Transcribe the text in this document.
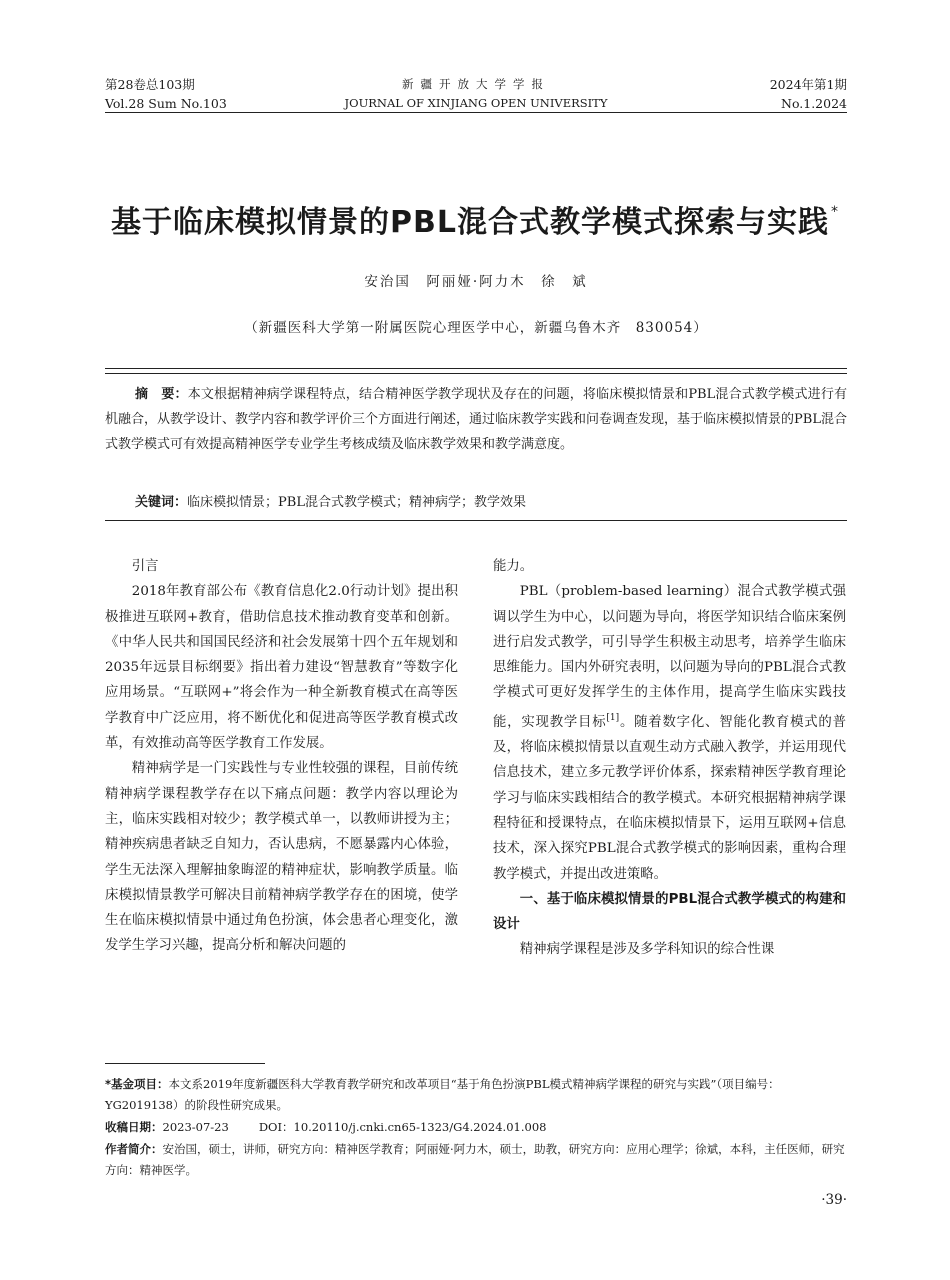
第28卷总103期
Vol.28 Sum No.103
新疆开放大学学报
JOURNAL OF XINJIANG OPEN UNIVERSITY
2024年第1期
No.1.2024
基于临床模拟情景的PBL混合式教学模式探索与实践 *
安治国　阿丽娅·阿力木　徐　斌
（新疆医科大学第一附属医院心理医学中心，新疆乌鲁木齐　830054）
摘　要：本文根据精神病学课程特点，结合精神医学教学现状及存在的问题，将临床模拟情景和PBL混合式教学模式进行有机融合，从教学设计、教学内容和教学评价三个方面进行阐述，通过临床教学实践和问卷调查发现，基于临床模拟情景的PBL混合式教学模式可有效提高精神医学专业学生考核成绩及临床教学效果和教学满意度。
关键词：临床模拟情景；PBL混合式教学模式；精神病学；教学效果

引言

2018年教育部公布《教育信息化2.0行动计划》提出积极推进互联网+教育，借助信息技术推动教育变革和创新。《中华人民共和国国民经济和社会发展第十四个五年规划和2035年远景目标纲要》指出着力建设“智慧教育”等数字化应用场景。“互联网+”将会作为一种全新教育模式在高等医学教育中广泛应用，将不断优化和促进高等医学教育模式改革，有效推动高等医学教育工作发展。

精神病学是一门实践性与专业性较强的课程，目前传统精神病学课程教学存在以下痛点问题：教学内容以理论为主，临床实践相对较少；教学模式单一，以教师讲授为主；精神疾病患者缺乏自知力，否认患病，不愿暴露内心体验，学生无法深入理解抽象晦涩的精神症状，影响教学质量。临床模拟情景教学可解决目前精神病学教学存在的困境，使学生在临床模拟情景中通过角色扮演，体会患者心理变化，激发学生学习兴趣，提高分析和解决问题的

能力。

PBL（problem-based learning）混合式教学模式强调以学生为中心，以问题为导向，将医学知识结合临床案例进行启发式教学，可引导学生积极主动思考，培养学生临床思维能力。国内外研究表明，以问题为导向的PBL混合式教学模式可更好发挥学生的主体作用，提高学生临床实践技能，实现教学目标[1]。随着数字化、智能化教育模式的普及，将临床模拟情景以直观生动方式融入教学，并运用现代信息技术，建立多元教学评价体系，探索精神医学教育理论学习与临床实践相结合的教学模式。本研究根据精神病学课程特征和授课特点，在临床模拟情景下，运用互联网+信息技术，深入探究PBL混合式教学模式的影响因素，重构合理教学模式，并提出改进策略。

一、基于临床模拟情景的PBL混合式教学模式的构建和设计

精神病学课程是涉及多学科知识的综合性课

*基金项目：本文系2019年度新疆医科大学教育教学研究和改革项目“基于角色扮演PBL模式精神病学课程的研究与实践”（项目编号：YG2019138）的阶段性研究成果。
收稿日期：2023-07-23	DOI：10.20110/j.cnki.cn65-1323/G4.2024.01.008
作者简介：安治国，硕士，讲师，研究方向：精神医学教育；阿丽娅·阿力木，硕士，助教，研究方向：应用心理学；徐斌，本科，主任医师，研究方向：精神医学。
·39·
